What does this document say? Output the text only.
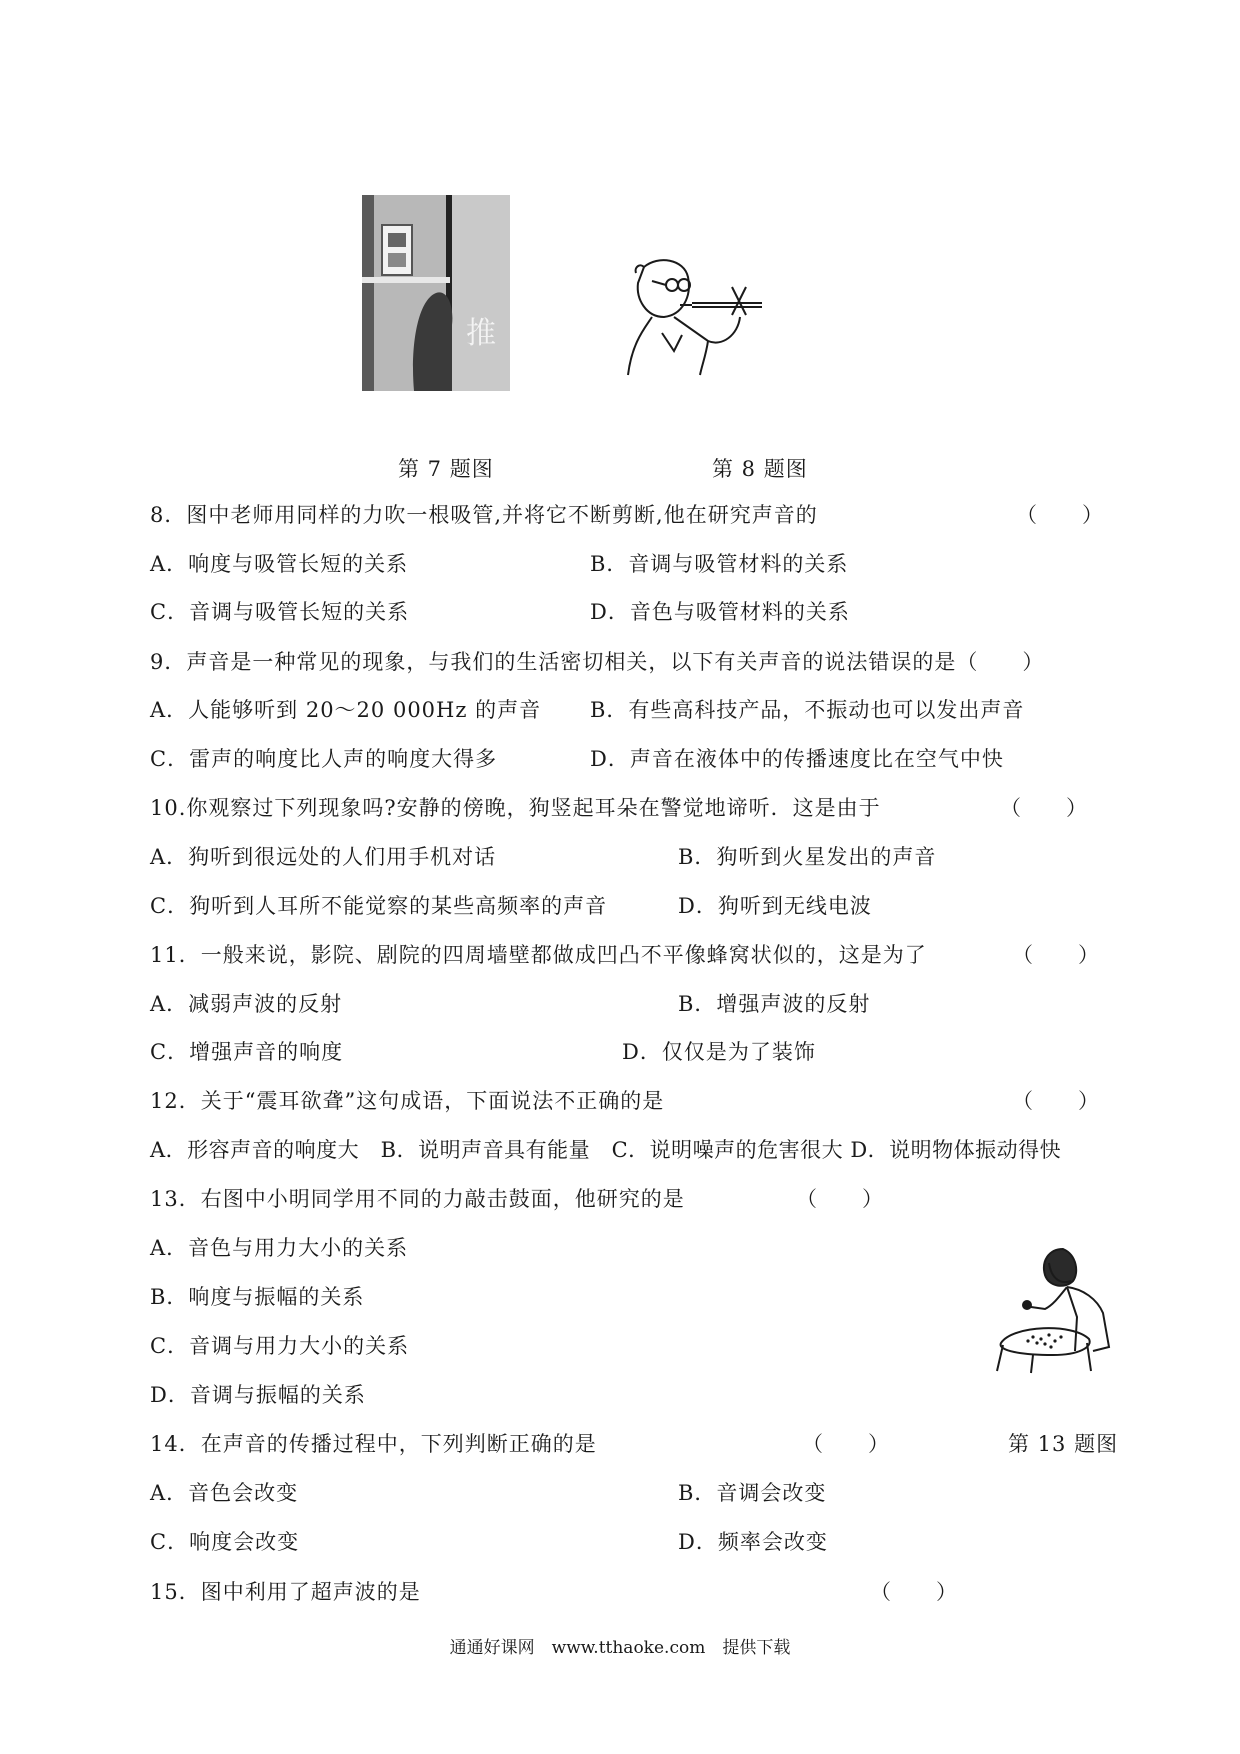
推
第 7 题图	第 8 题图
8．图中老师用同样的力吹一根吸管,并将它不断剪断,他在研究声音的	（　　）
A．响度与吸管长短的关系	B．音调与吸管材料的关系
C．音调与吸管长短的关系	D．音色与吸管材料的关系
9．声音是一种常见的现象，与我们的生活密切相关，以下有关声音的说法错误的是（　　）
A．人能够听到 20～20 000Hz 的声音 B．有些高科技产品，不振动也可以发出声音
C．雷声的响度比人声的响度大得多	D．声音在液体中的传播速度比在空气中快
10.你观察过下列现象吗?安静的傍晚，狗竖起耳朵在警觉地谛听．这是由于	（　　）
A．狗听到很远处的人们用手机对话	B．狗听到火星发出的声音
C．狗听到人耳所不能觉察的某些高频率的声音	D．狗听到无线电波
11．一般来说，影院、剧院的四周墙壁都做成凹凸不平像蜂窝状似的，这是为了	（　　）
A．减弱声波的反射	B．增强声波的反射
C．增强声音的响度	D．仅仅是为了装饰
12．关于“震耳欲聋”这句成语，下面说法不正确的是	（　　）
A．形容声音的响度大　B．说明声音具有能量　C．说明噪声的危害很大 D．说明物体振动得快
13．右图中小明同学用不同的力敲击鼓面，他研究的是	（　　）
A．音色与用力大小的关系
B．响度与振幅的关系
C．音调与用力大小的关系
D．音调与振幅的关系
14．在声音的传播过程中，下列判断正确的是	（　　）	第 13 题图
A．音色会改变	B．音调会改变
C．响度会改变	D．频率会改变
15．图中利用了超声波的是	（　　）
通通好课网　www.tthaoke.com　提供下载
